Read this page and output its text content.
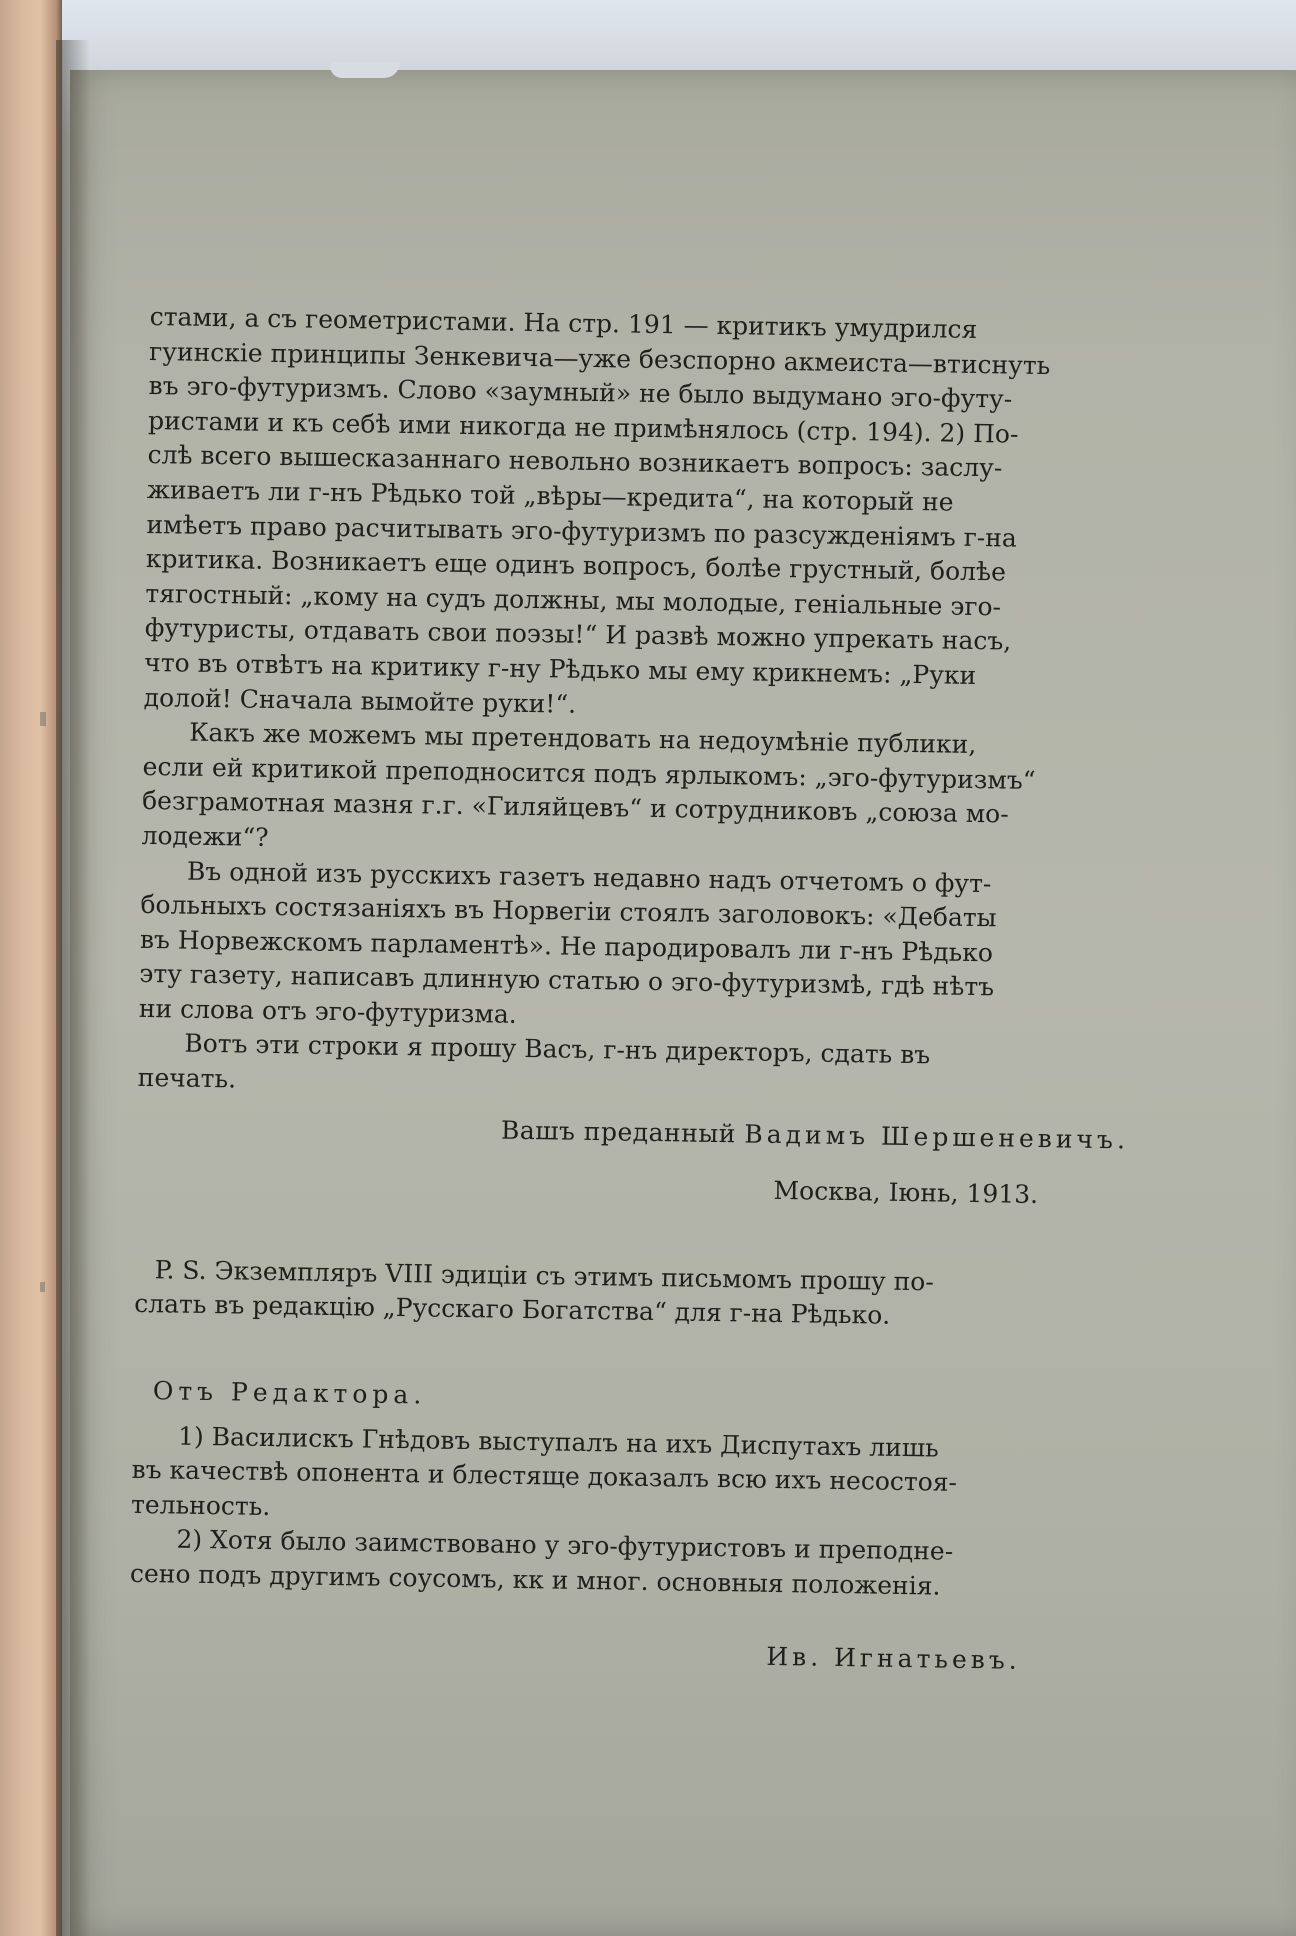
стами, а съ геометристами. На стр. 191 — критикъ умудрился
гуинскіе принципы Зенкевича—уже безспорно акмеиста—втиснуть
въ эго-футуризмъ. Слово «заумный» не было выдумано эго-футу-
ристами и къ себѣ ими никогда не примѣнялось (стр. 194). 2) По-
слѣ всего вышесказаннаго невольно возникаетъ вопросъ: заслу-
живаетъ ли г-нъ Рѣдько той „вѣры—кредита“, на который не
имѣетъ право расчитывать эго-футуризмъ по разсужденіямъ г-на
критика. Возникаетъ еще одинъ вопросъ, болѣе грустный, болѣе
тягостный: „кому на судъ должны, мы молодые, геніальные эго-
футуристы, отдавать свои поэзы!“ И развѣ можно упрекать насъ,
что въ отвѣтъ на критику г-ну Рѣдько мы ему крикнемъ: „Руки
долой! Сначала вымойте руки!“.

Какъ же можемъ мы претендовать на недоумѣніе публики,
если ей критикой преподносится подъ ярлыкомъ: „эго-футуризмъ“
безграмотная мазня г.г. «Гиляйцевъ“ и сотрудниковъ „союза мо-
лодежи“?

Въ одной изъ русскихъ газетъ недавно надъ отчетомъ о фут-
больныхъ состязаніяхъ въ Норвегіи стоялъ заголовокъ: «Дебаты
въ Норвежскомъ парламентѣ». Не пародировалъ ли г-нъ Рѣдько
эту газету, написавъ длинную статью о эго-футуризмѣ, гдѣ нѣтъ
ни слова отъ эго-футуризма.

Вотъ эти строки я прошу Васъ, г-нъ директоръ, сдать въ
печать.

Вашъ преданный Вадимъ Шершеневичъ.

Москва, Іюнь, 1913.

P. S. Экземпляръ VIII эдиціи съ этимъ письмомъ прошу по-
слать въ редакцію „Русскаго Богатства“ для г-на Рѣдько.

Отъ Редактора.

1) Василискъ Гнѣдовъ выступалъ на ихъ Диспутахъ лишь
въ качествѣ опонента и блестяще доказалъ всю ихъ несостоя-
тельность.

2) Хотя было заимствовано у эго-футуристовъ и преподне-
сено подъ другимъ соусомъ, кк и мног. основныя положенія.

Ив. Игнатьевъ.
